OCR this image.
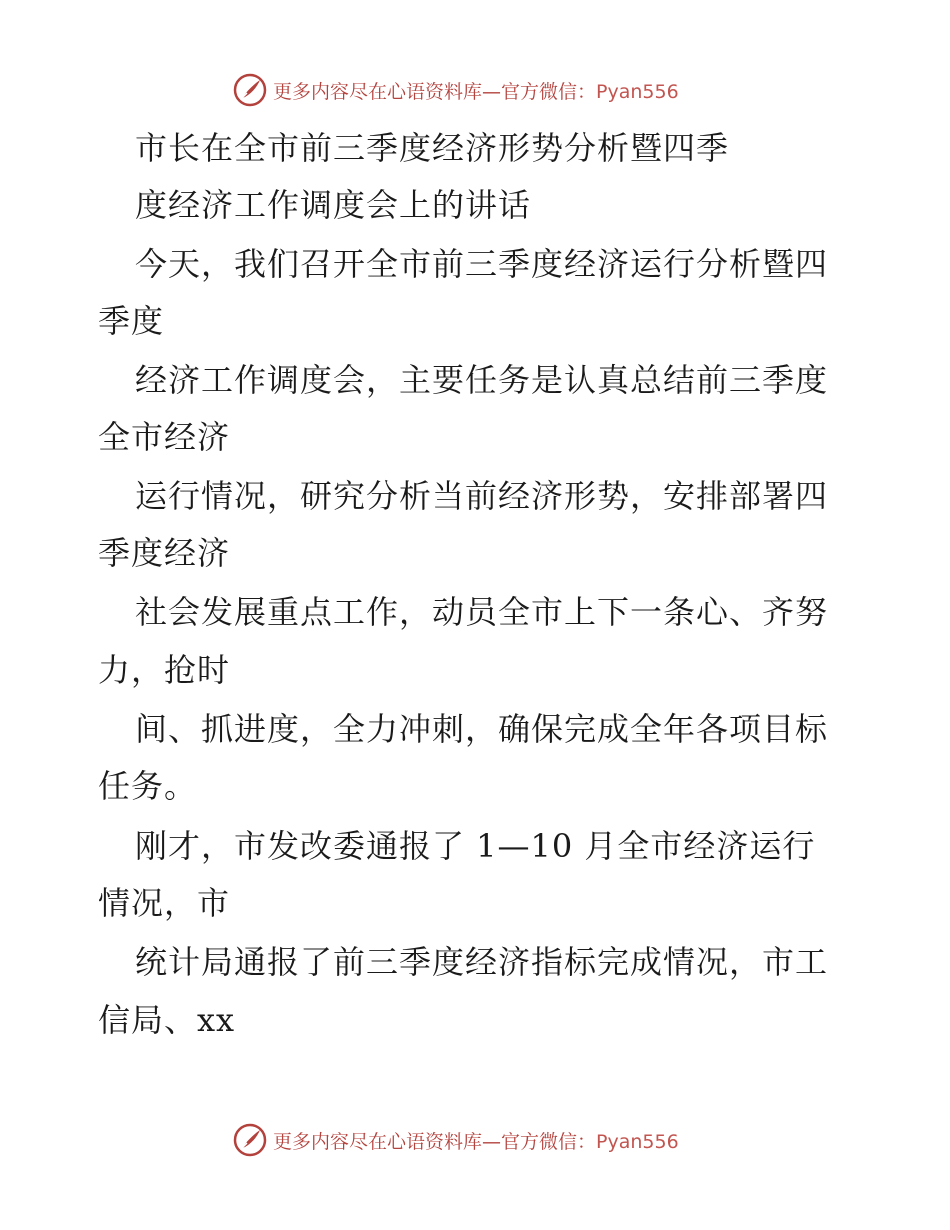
更多内容尽在心语资料库—官方微信：Pyan556
市长在全市前三季度经济形势分析暨四季
度经济工作调度会上的讲话
今天，我们召开全市前三季度经济运行分析暨四
季度
经济工作调度会，主要任务是认真总结前三季度
全市经济
运行情况，研究分析当前经济形势，安排部署四
季度经济
社会发展重点工作，动员全市上下一条心、齐努
力，抢时
间、抓进度，全力冲刺，确保完成全年各项目标
任务。
刚才，市发改委通报了 1—10 月全市经济运行
情况，市
统计局通报了前三季度经济指标完成情况，市工
信局、xx
更多内容尽在心语资料库—官方微信：Pyan556
